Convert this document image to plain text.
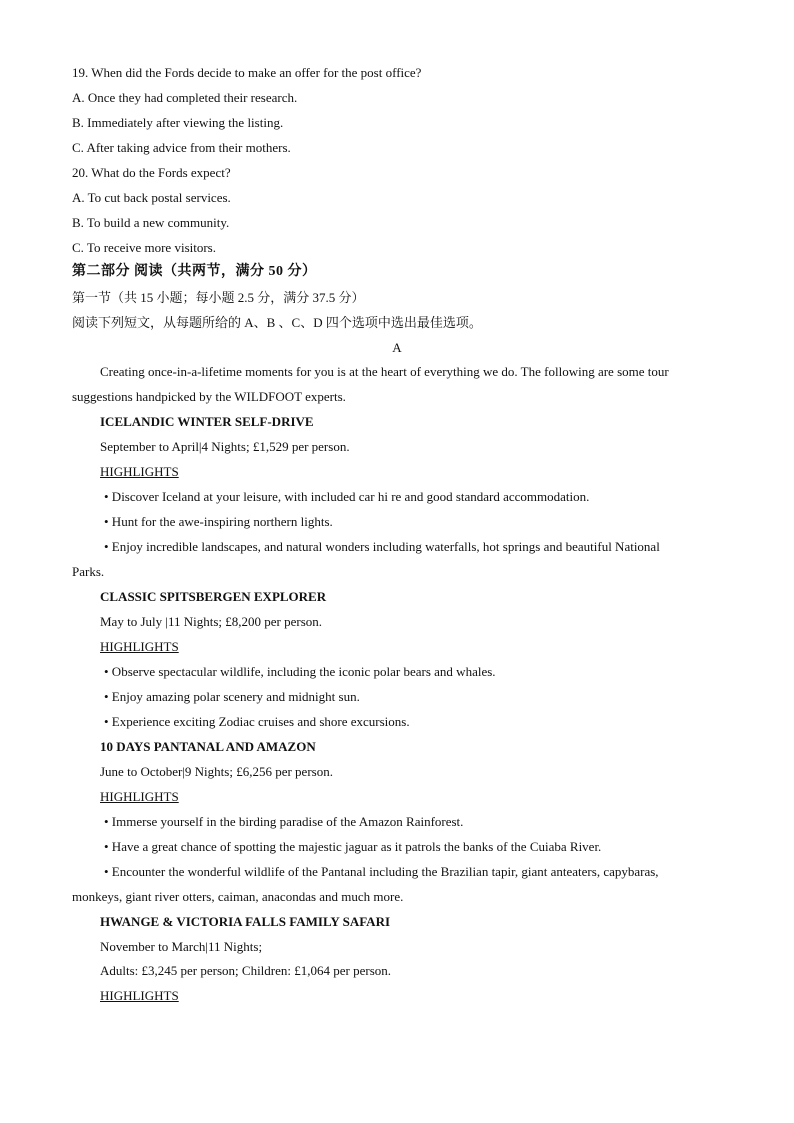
19. When did the Fords decide to make an offer for the post office?
A. Once they had completed their research.
B. Immediately after viewing the listing.
C. After taking advice from their mothers.
20. What do the Fords expect?
A. To cut back postal services.
B. To build a new community.
C. To receive more visitors.
第二部分 阅读（共两节，满分 50 分）
第一节（共 15 小题；每小题 2.5 分，满分 37.5 分）
阅读下列短文，从每题所给的 A、B 、C、D 四个选项中选出最佳选项。
A
Creating once-in-a-lifetime moments for you is at the heart of everything we do. The following are some tour
suggestions handpicked by the WILDFOOT experts.
ICELANDIC WINTER SELF-DRIVE
September to April|4 Nights; £1,529 per person.
HIGHLIGHTS
• Discover Iceland at your leisure, with included car hi re and good standard accommodation.
• Hunt for the awe-inspiring northern lights.
• Enjoy incredible landscapes, and natural wonders including waterfalls, hot springs and beautiful National
Parks.
CLASSIC SPITSBERGEN EXPLORER
May to July |11 Nights; £8,200 per person.
HIGHLIGHTS
• Observe spectacular wildlife, including the iconic polar bears and whales.
• Enjoy amazing polar scenery and midnight sun.
• Experience exciting Zodiac cruises and shore excursions.
10 DAYS PANTANAL AND AMAZON
June to October|9 Nights; £6,256 per person.
HIGHLIGHTS
• Immerse yourself in the birding paradise of the Amazon Rainforest.
• Have a great chance of spotting the majestic jaguar as it patrols the banks of the Cuiaba River.
• Encounter the wonderful wildlife of the Pantanal including the Brazilian tapir, giant anteaters, capybaras,
monkeys, giant river otters, caiman, anacondas and much more.
HWANGE & VICTORIA FALLS FAMILY SAFARI
November to March|11 Nights;
Adults: £3,245 per person; Children: £1,064 per person.
HIGHLIGHTS
